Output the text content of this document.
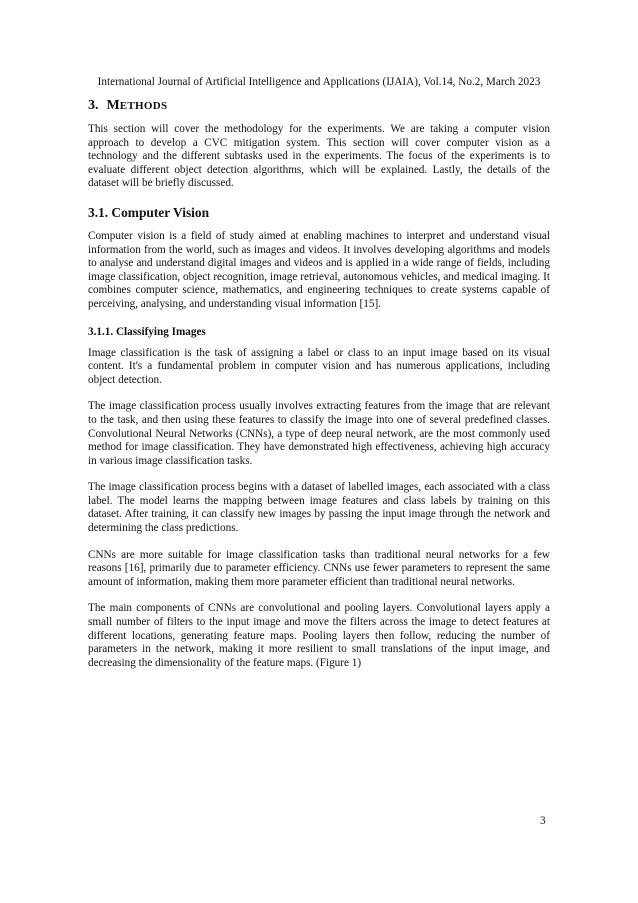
International Journal of Artificial Intelligence and Applications (IJAIA), Vol.14, No.2, March 2023
3. METHODS

This section will cover the methodology for the experiments. We are taking a computer vision approach to develop a CVC mitigation system. This section will cover computer vision as a technology and the different subtasks used in the experiments. The focus of the experiments is to evaluate different object detection algorithms, which will be explained. Lastly, the details of the dataset will be briefly discussed.

3.1. Computer Vision

Computer vision is a field of study aimed at enabling machines to interpret and understand visual information from the world, such as images and videos. It involves developing algorithms and models to analyse and understand digital images and videos and is applied in a wide range of fields, including image classification, object recognition, image retrieval, autonomous vehicles, and medical imaging. It combines computer science, mathematics, and engineering techniques to create systems capable of perceiving, analysing, and understanding visual information [15].

3.1.1. Classifying Images

Image classification is the task of assigning a label or class to an input image based on its visual content. It's a fundamental problem in computer vision and has numerous applications, including object detection.

The image classification process usually involves extracting features from the image that are relevant to the task, and then using these features to classify the image into one of several predefined classes. Convolutional Neural Networks (CNNs), a type of deep neural network, are the most commonly used method for image classification. They have demonstrated high effectiveness, achieving high accuracy in various image classification tasks.

The image classification process begins with a dataset of labelled images, each associated with a class label. The model learns the mapping between image features and class labels by training on this dataset. After training, it can classify new images by passing the input image through the network and determining the class predictions.

CNNs are more suitable for image classification tasks than traditional neural networks for a few reasons [16], primarily due to parameter efficiency. CNNs use fewer parameters to represent the same amount of information, making them more parameter efficient than traditional neural networks.

The main components of CNNs are convolutional and pooling layers. Convolutional layers apply a small number of filters to the input image and move the filters across the image to detect features at different locations, generating feature maps. Pooling layers then follow, reducing the number of parameters in the network, making it more resilient to small translations of the input image, and decreasing the dimensionality of the feature maps. (Figure 1)

3
